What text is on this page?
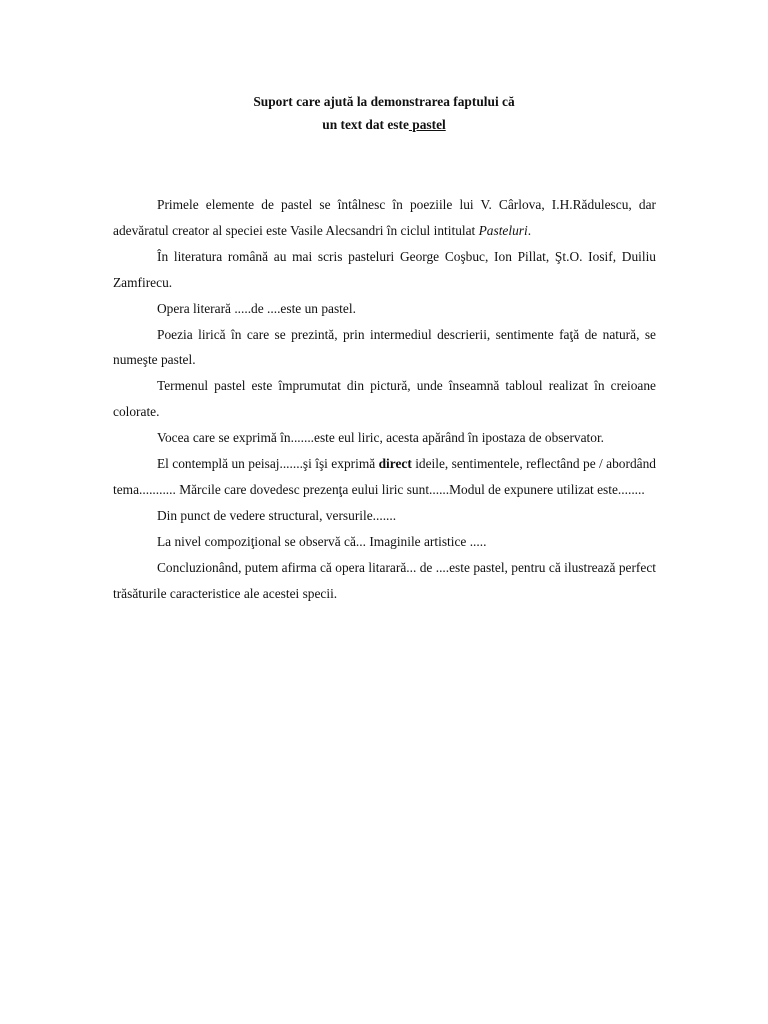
Suport care ajută la demonstrarea faptului că
un text dat este pastel

Primele elemente de pastel se întâlnesc în poeziile lui V. Cârlova, I.H.Rădulescu, dar adevăratul creator al speciei este Vasile Alecsandri în ciclul intitulat Pasteluri.

În literatura română au mai scris pasteluri George Coşbuc, Ion Pillat, Şt.O. Iosif, Duiliu Zamfirecu.

Opera literară .....de ....este un pastel.

Poezia lirică în care se prezintă, prin intermediul descrierii, sentimente faţă de natură, se numeşte pastel.

Termenul pastel este împrumutat din pictură, unde înseamnă tabloul realizat în creioane colorate.

Vocea care se exprimă în.......este eul liric, acesta apărând în ipostaza de observator.

El contemplă un peisaj.......şi îşi exprimă direct ideile, sentimentele, reflectând pe / abordând tema........... Mărcile care dovedesc prezenţa eului liric sunt......Modul de expunere utilizat este........

Din punct de vedere structural, versurile.......

La nivel compoziţional se observă că... Imaginile artistice .....

Concluzionând, putem afirma că opera litarară... de ....este pastel, pentru că ilustrează perfect trăsăturile caracteristice ale acestei specii.
